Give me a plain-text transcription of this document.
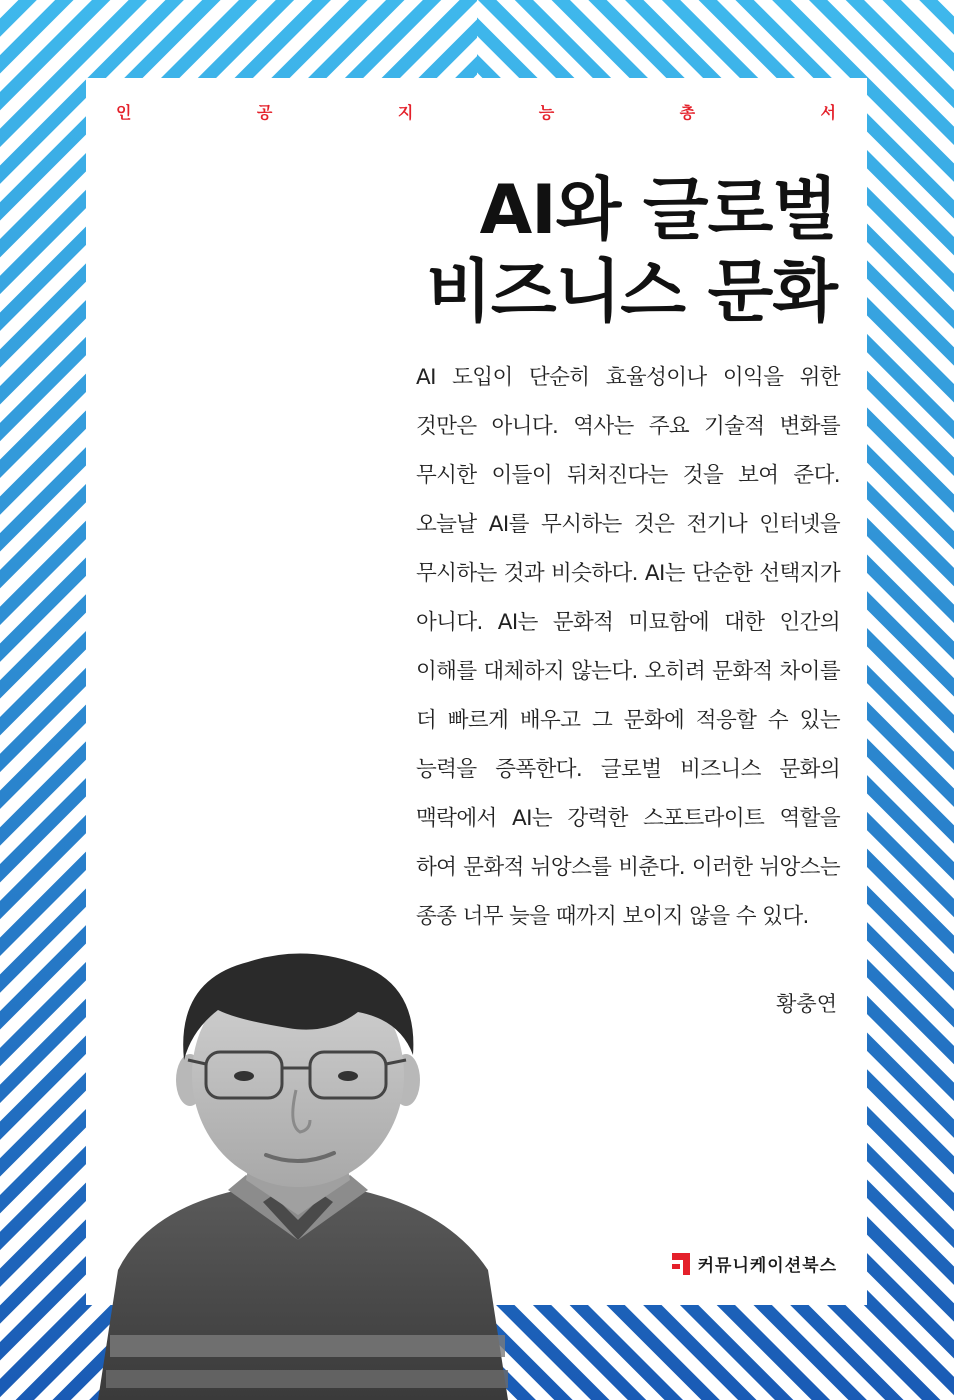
인	공	지	능	총	서
AI와 글로벌
비즈니스 문화
AI 도입이 단순히 효율성이나 이익을 위한 것만은 아니다. 역사는 주요 기술적 변화를 무시한 이들이 뒤처진다는 것을 보여 준다. 오늘날 AI를 무시하는 것은 전기나 인터넷을 무시하는 것과 비슷하다. AI는 단순한 선택지가 아니다. AI는 문화적 미묘함에 대한 인간의 이해를 대체하지 않는다. 오히려 문화적 차이를 더 빠르게 배우고 그 문화에 적응할 수 있는 능력을 증폭한다. 글로벌 비즈니스 문화의 맥락에서 AI는 강력한 스포트라이트 역할을 하여 문화적 뉘앙스를 비춘다. 이러한 뉘앙스는 종종 너무 늦을 때까지 보이지 않을 수 있다.
황충연
커뮤니케이션북스
